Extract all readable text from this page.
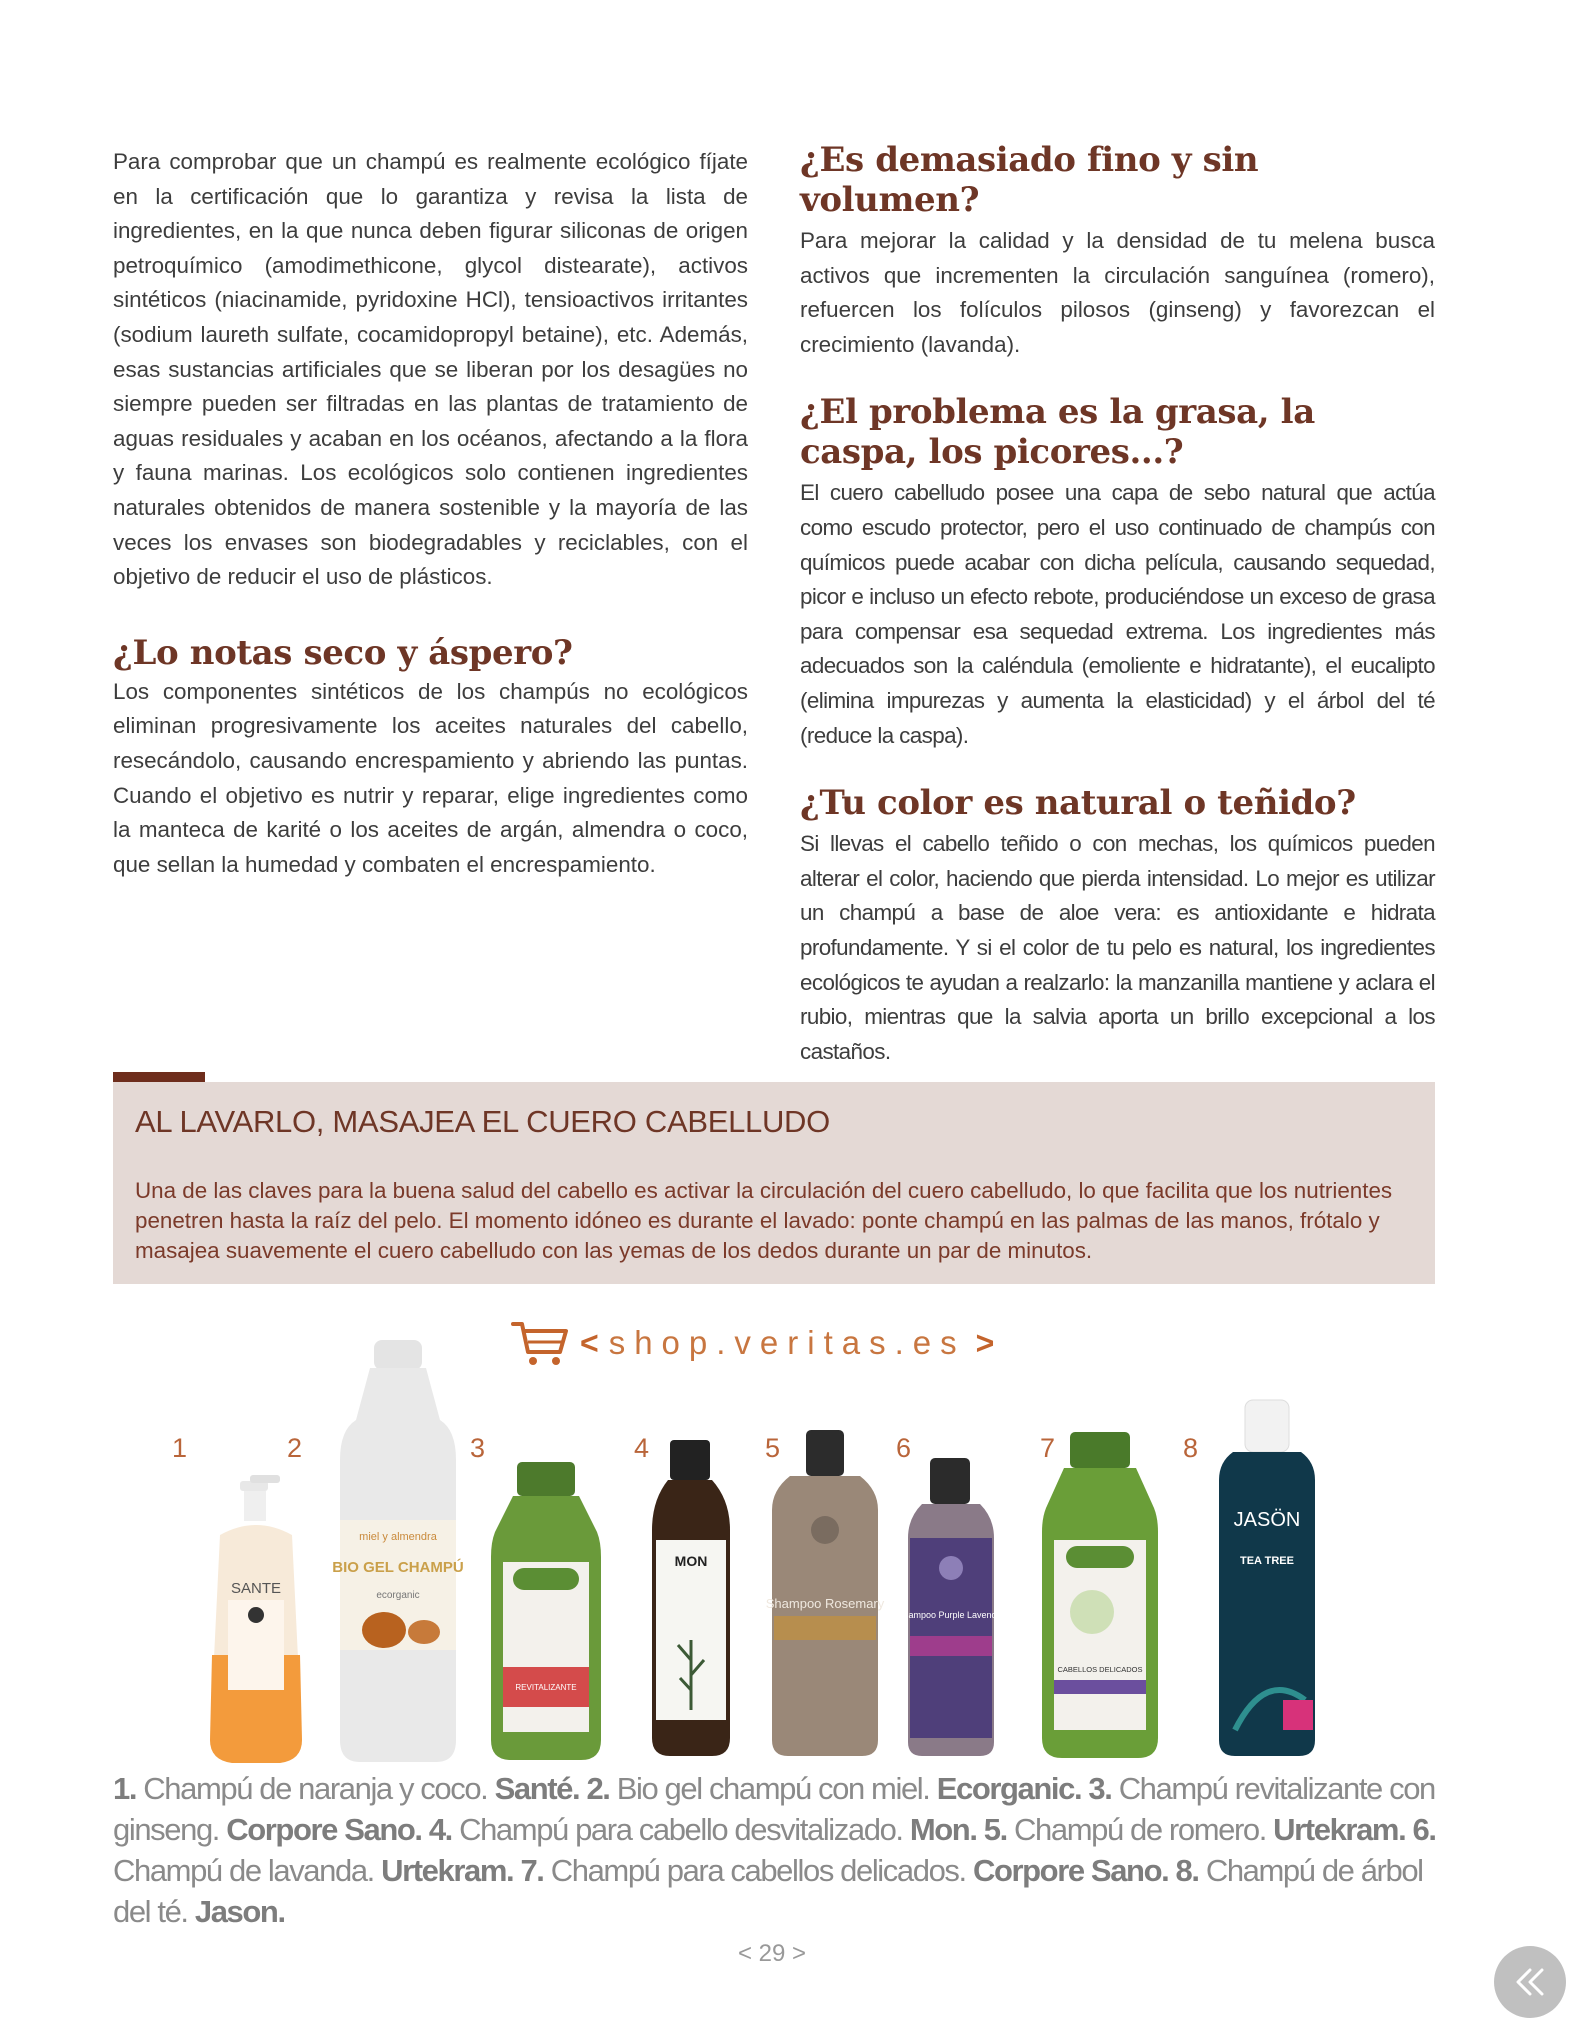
Para comprobar que un champú es realmente ecológico fíjate en la certificación que lo garantiza y revisa la lista de ingredientes, en la que nunca deben figurar siliconas de origen petroquímico (amodimethicone, glycol distearate), activos sintéticos (niacinamide, pyridoxine HCl), tensioactivos irritantes (sodium laureth sulfate, cocamidopropyl betaine), etc. Además, esas sustancias artificiales que se liberan por los desagües no siempre pueden ser filtradas en las plantas de tratamiento de aguas residuales y acaban en los océanos, afectando a la flora y fauna marinas. Los ecológicos solo contienen ingredientes naturales obtenidos de manera sostenible y la mayoría de las veces los envases son biodegradables y reciclables, con el objetivo de reducir el uso de plásticos.

¿Lo notas seco y áspero?

Los componentes sintéticos de los champús no ecológicos eliminan progresivamente los aceites naturales del cabello, resecándolo, causando encrespamiento y abriendo las puntas. Cuando el objetivo es nutrir y reparar, elige ingredientes como la manteca de karité o los aceites de argán, almendra o coco, que sellan la humedad y combaten el encrespamiento.

¿Es demasiado fino y sin volumen?

Para mejorar la calidad y la densidad de tu melena busca activos que incrementen la circulación sanguínea (romero), refuercen los folículos pilosos (ginseng) y favorezcan el crecimiento (lavanda).

¿El problema es la grasa, la caspa, los picores...?

El cuero cabelludo posee una capa de sebo natural que actúa como escudo protector, pero el uso continuado de champús con químicos puede acabar con dicha película, causando sequedad, picor e incluso un efecto rebote, produciéndose un exceso de grasa para compensar esa sequedad extrema. Los ingredientes más adecuados son la caléndula (emoliente e hidratante), el eucalipto (elimina impurezas y aumenta la elasticidad) y el árbol del té (reduce la caspa).

¿Tu color es natural o teñido?

Si llevas el cabello teñido o con mechas, los químicos pueden alterar el color, haciendo que pierda intensidad. Lo mejor es utilizar un champú a base de aloe vera: es antioxidante e hidrata profundamente. Y si el color de tu pelo es natural, los ingredientes ecológicos te ayudan a realzarlo: la manzanilla mantiene y aclara el rubio, mientras que la salvia aporta un brillo excepcional a los castaños.

AL LAVARLO, MASAJEA EL CUERO CABELLUDO
Una de las claves para la buena salud del cabello es activar la circulación del cuero cabelludo, lo que facilita que los nutrientes penetren hasta la raíz del pelo. El momento idóneo es durante el lavado: ponte champú en las palmas de las manos, frótalo y masajea suavemente el cuero cabelludo con las yemas de los dedos durante un par de minutos.
< shop.veritas.es >
1	2	3	4	5	6	7	8
SANTE
miel y almendra
BIO GEL CHAMPÚ
ecorganic
REVITALIZANTE
MON
Shampoo Rosemary
Shampoo Purple Lavender
CABELLOS DELICADOS
JASÖN
TEA TREE
1. Champú de naranja y coco. Santé. 2. Bio gel champú con miel. Ecorganic. 3. Champú revitalizante con ginseng. Corpore Sano. 4. Champú para cabello desvitalizado. Mon. 5. Champú de romero. Urtekram. 6. Champú de lavanda. Urtekram. 7. Champú para cabellos delicados. Corpore Sano. 8. Champú de árbol del té. Jason.
< 29 >
